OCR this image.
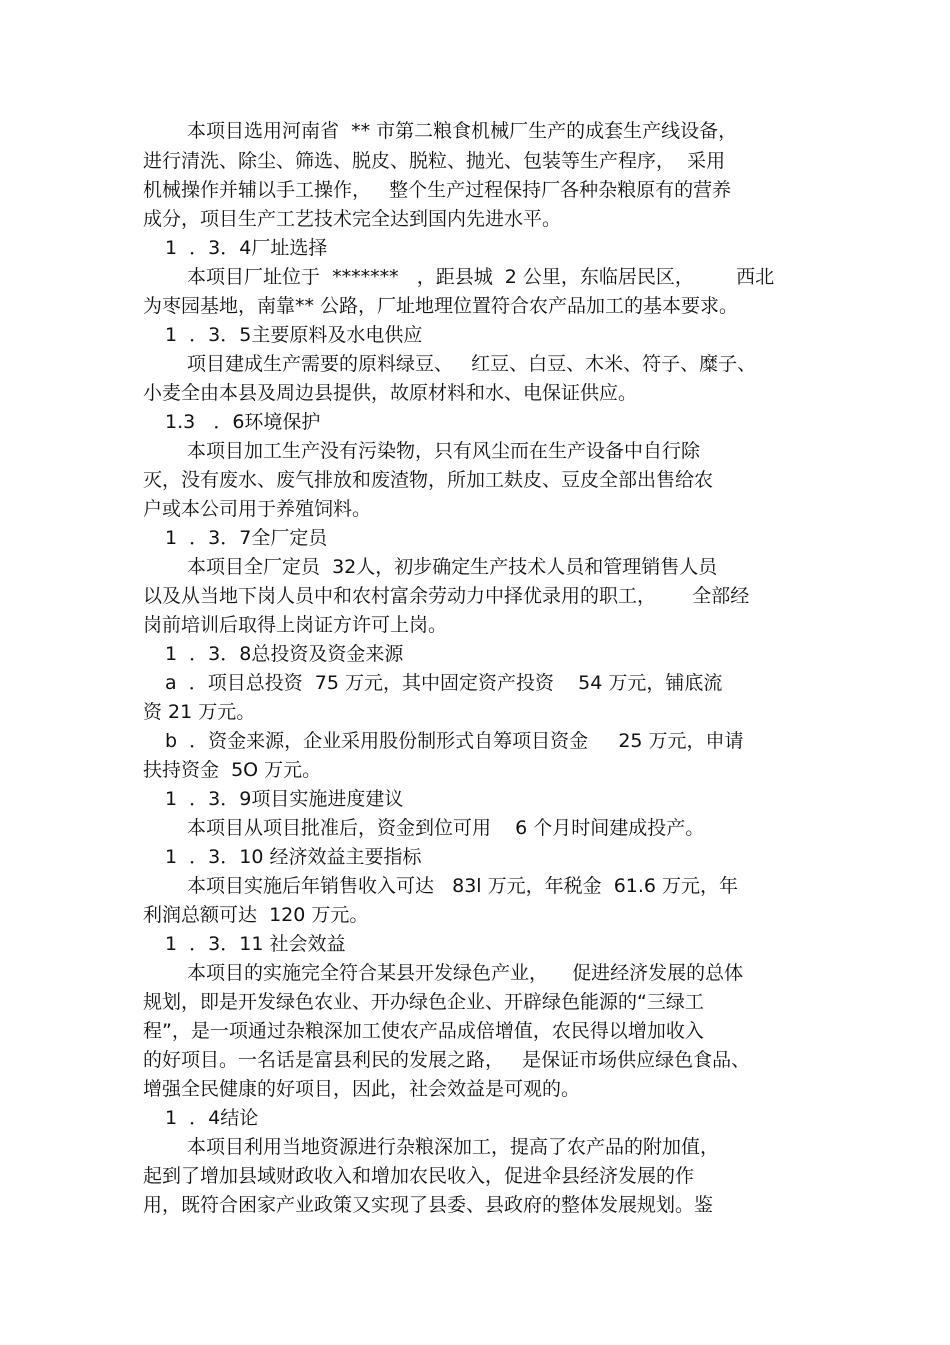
本项目选用河南省  ** 市第二粮食机械厂生产的成套生产线设备，
进行清洗、除尘、筛选、脱皮、脱粒、抛光、包装等生产程序，  采用
机械操作并辅以手工操作，   整个生产过程保持厂各种杂粮原有的营养
成分，项目生产工艺技术完全达到国内先进水平。
1  ．3．4厂址选择
本项目厂址位于  *******   ，距县城  2 公里，东临居民区，       西北
为枣园基地，南靠** 公路，厂址地理位置符合农产品加工的基本要求。
1  ．3．5主要原料及水电供应
项目建成生产需要的原料绿豆、   红豆、白豆、木米、符子、糜子、
小麦全由本县及周边县提供，故原材料和水、电保证供应。
1.3   ．6环境保护
本项目加工生产没有污染物，只有风尘而在生产设备中自行除
灭，没有废水、废气排放和废渣物，所加工麸皮、豆皮全部出售给农
户或本公司用于养殖饲料。
1  ．3．7全厂定员
本项目全厂定员  32人，初步确定生产技术人员和管理销售人员
以及从当地下岗人员中和农村富余劳动力中择优录用的职工，      全部经
岗前培训后取得上岗证方许可上岗。
1  ．3．8总投资及资金来源
a  ．项目总投资  75 万元，其中固定资产投资    54 万元，铺底流
资 21 万元。
b  ．资金来源，企业采用股份制形式自筹项目资金     25 万元，申请
扶持资金  5O 万元。
1  ．3．9项目实施进度建议
本项目从项目批准后，资金到位可用    6 个月时间建成投产。
1  ．3．10 经济效益主要指标
本项目实施后年销售收入可达   83l 万元，年税金  61.6 万元，年
利润总额可达  120 万元。
1  ．3．11 社会效益
本项目的实施完全符合某县开发绿色产业，    促进经济发展的总体
规划，即是开发绿色农业、开办绿色企业、开辟绿色能源的“三绿工
程”，是一项通过杂粮深加工使农产品成倍增值，农民得以增加收入
的好项目。一名话是富县利民的发展之路，   是保证市场供应绿色食品、
增强全民健康的好项目，因此，社会效益是可观的。
1  ．4结论
本项目利用当地资源进行杂粮深加工，提高了农产品的附加值，
起到了增加县域财政收入和增加农民收入，促进伞县经济发展的作
用，既符合困家产业政策又实现了县委、县政府的整体发展规划。鉴
